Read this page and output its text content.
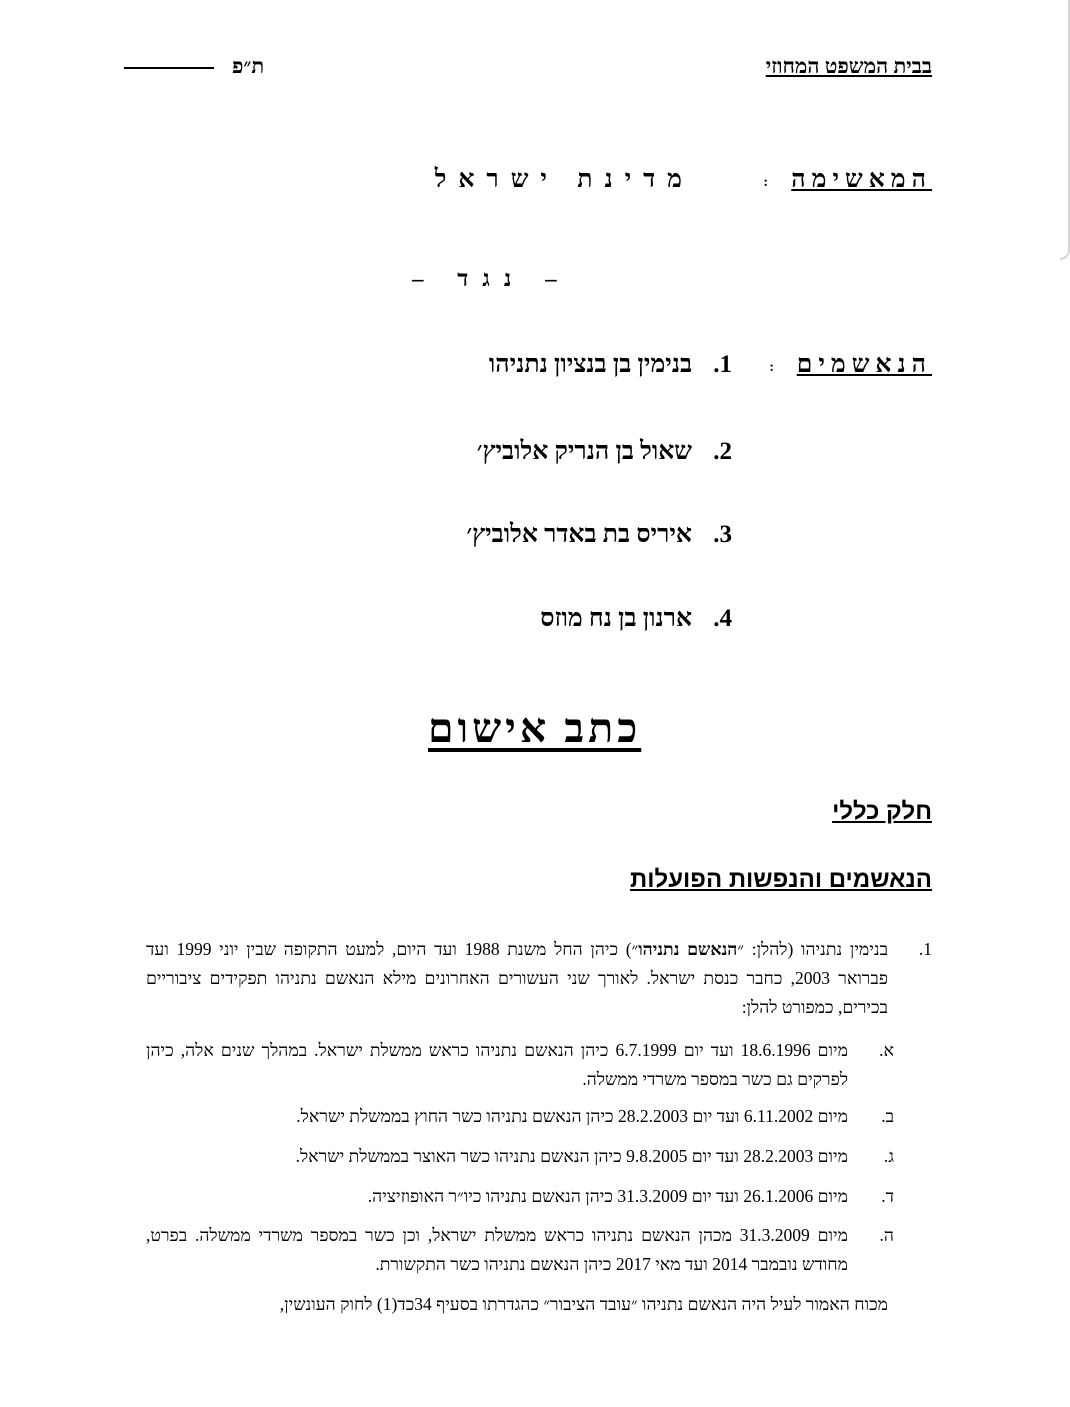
בבית המשפט המחוזי
ת״פ
המאשימה
:
מדינת ישראל
– נגד –
הנאשמים
:
1.בנימין בן בנציון נתניהו
2.שאול בן הנריק אלוביץ׳
3.איריס בת באדר אלוביץ׳
4.ארנון בן נח מוזס
כתב אישום
חלק כללי
הנאשמים והנפשות הפועלות
1.
בנימין נתניהו (להלן: ״הנאשם נתניהו״) כיהן החל משנת 1988 ועד היום, למעט התקופה שבין יוני 1999 ועד פברואר 2003, כחבר כנסת ישראל. לאורך שני העשורים האחרונים מילא הנאשם נתניהו תפקידים ציבוריים בכירים, כמפורט להלן:
א.
מיום 18.6.1996 ועד יום 6.7.1999 כיהן הנאשם נתניהו כראש ממשלת ישראל. במהלך שנים אלה, כיהן לפרקים גם כשר במספר משרדי ממשלה.
ב.
מיום 6.11.2002 ועד יום 28.2.2003 כיהן הנאשם נתניהו כשר החוץ בממשלת ישראל.
ג.
מיום 28.2.2003 ועד יום 9.8.2005 כיהן הנאשם נתניהו כשר האוצר בממשלת ישראל.
ד.
מיום 26.1.2006 ועד יום 31.3.2009 כיהן הנאשם נתניהו כיו״ר האופוזיציה.
ה.
מיום 31.3.2009 מכהן הנאשם נתניהו כראש ממשלת ישראל, וכן כשר במספר משרדי ממשלה. בפרט, מחודש נובמבר 2014 ועד מאי 2017 כיהן הנאשם נתניהו כשר התקשורת.
מכוח האמור לעיל היה הנאשם נתניהו ״עובד הציבור״ כהגדרתו בסעיף 34כד(1) לחוק העונשין,
